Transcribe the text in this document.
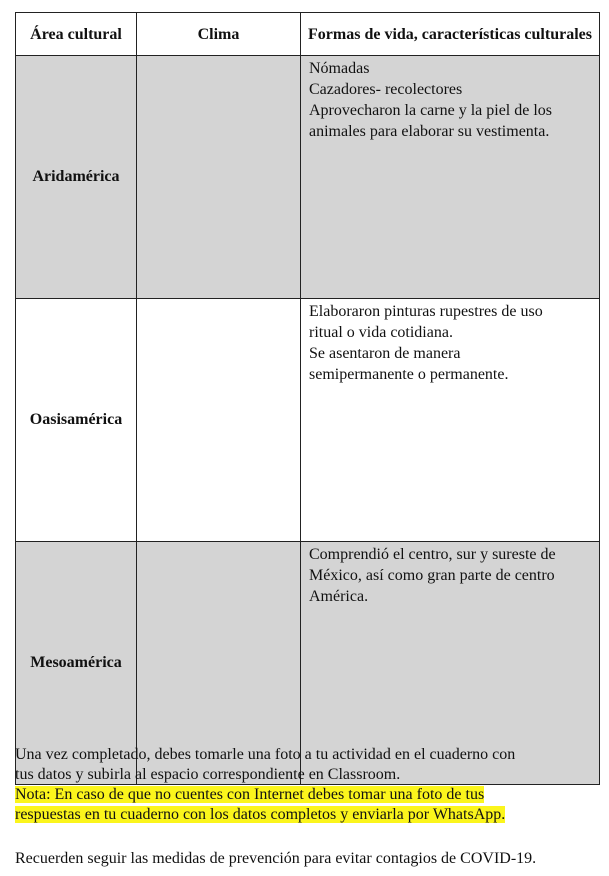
Área cultural	Clima	Formas de vida, características culturales
Aridamérica		Nómadas
Cazadores- recolectores
Aprovecharon la carne y la piel de los
animales para elaborar su vestimenta.

Oasisamérica		Elaboraron pinturas rupestres de uso
ritual o vida cotidiana.
Se asentaron de manera
semipermanente o permanente.

Mesoamérica		Comprendió el centro, sur y sureste de
México, así como gran parte de centro
América.
Una vez completado, debes tomarle una foto a tu actividad en el cuaderno con
tus datos y subirla al espacio correspondiente en Classroom.
Nota: En caso de que no cuentes con Internet debes tomar una foto de tus
respuestas en tu cuaderno con los datos completos y enviarla por WhatsApp.
Recuerden seguir las medidas de prevención para evitar contagios de COVID-19.
